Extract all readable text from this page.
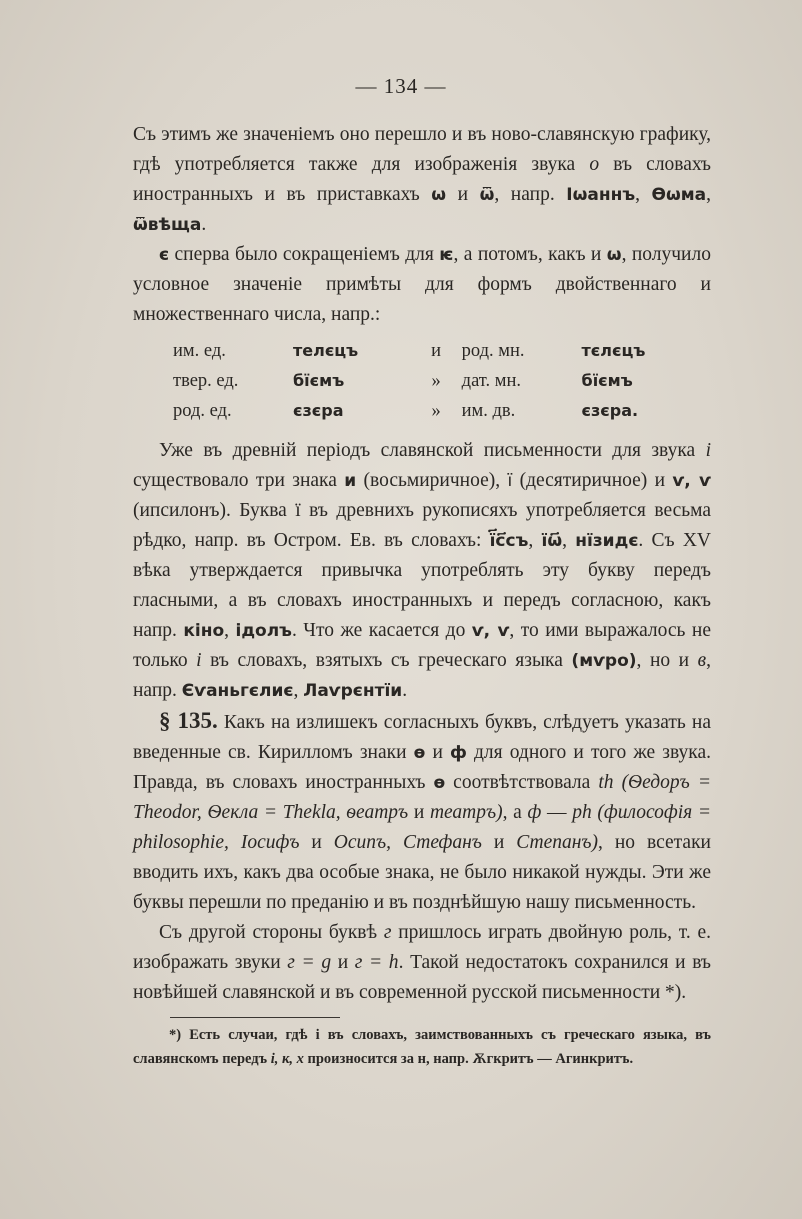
— 134 —

Съ этимъ же значеніемъ оно перешло и въ ново-славянскую графику, гдѣ употребляется также для изображенія звука о въ словахъ иностранныхъ и въ приставкахъ ѡ и ѿ, напр. Іѡаннъ, Ѳѡма, ѿвѣща.

є сперва было сокращеніемъ для ѥ, а потомъ, какъ и ѡ, получило условное значеніе примѣты для формъ двойственнаго и множественнаго числа, напр.:

им. ед.	телєцъ	и	род. мн.	тєлєцъ
твер. ед.	бїємъ	»	дат. мн.	бїємъ
род. ед.	єзєра	»	им. дв.	єзєра.

Уже въ древній періодъ славянской письменности для звука і существовало три знака и (восьмиричное), ї (десятиричное) и ѵ, ѵ (ипсилонъ). Буква ї въ древнихъ рукописяхъ употребляется весьма рѣдко, напр. въ Остром. Ев. въ словахъ: ї҃с҃съ, їѡ҃, нїзидє. Съ XV вѣка утверждается привычка употреблять эту букву передъ гласными, а въ словахъ иностранныхъ и передъ согласною, какъ напр. кіно, ідолъ. Что же касается до ѵ, ѵ, то ими выражалось не только і въ словахъ, взятыхъ съ греческаго языка (мѵро), но и в, напр. Єѵаньгєлиє, Лаѵрєнтїи.

§ 135. Какъ на излишекъ согласныхъ буквъ, слѣдуетъ указать на введенные св. Кирилломъ знаки ѳ и ф для одного и того же звука. Правда, въ словахъ иностранныхъ ѳ соотвѣтствовала th (Ѳедоръ = Theodor, Ѳекла = Thekla, ѳеатръ и театръ), а ф — ph (философія = philosophie, Іосифъ и Осипъ, Стефанъ и Степанъ), но всетаки вводить ихъ, какъ два особые знака, не было никакой нужды. Эти же буквы перешли по преданію и въ позднѣйшую нашу письменность.

Съ другой стороны буквѣ г пришлось играть двойную роль, т. е. изображать звуки г = g и г = h. Такой недостатокъ сохранился и въ новѣйшей славянской и въ современной русской письменности *).

*) Есть случаи, гдѣ і въ словахъ, заимствованныхъ съ греческаго языка, въ славянскомъ передъ і, к, х произносится за н, напр. Ѫгкритъ — Агинкритъ.
